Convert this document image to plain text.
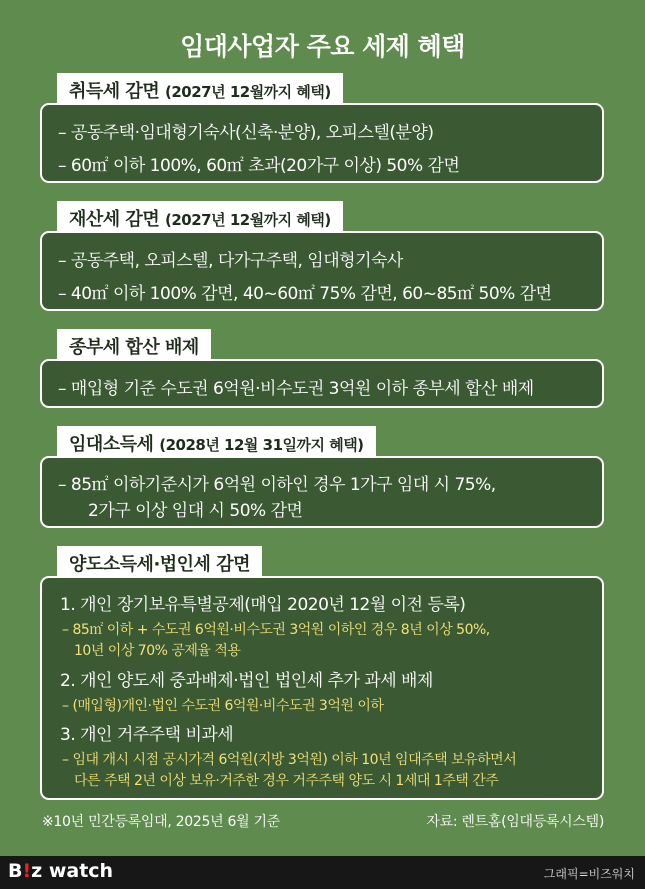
임대사업자 주요 세제 혜택
취득세 감면 (2027년 12월까지 혜택)
– 공동주택·임대형기숙사(신축·분양), 오피스텔(분양)
– 60㎡ 이하 100%, 60㎡ 초과(20가구 이상) 50% 감면
재산세 감면 (2027년 12월까지 혜택)
– 공동주택, 오피스텔, 다가구주택, 임대형기숙사
– 40㎡ 이하 100% 감면, 40~60㎡ 75% 감면, 60~85㎡ 50% 감면
종부세 합산 배제
– 매입형 기준 수도권 6억원·비수도권 3억원 이하 종부세 합산 배제
임대소득세 (2028년 12월 31일까지 혜택)
– 85㎡ 이하기준시가 6억원 이하인 경우 1가구 임대 시 75%,
2가구 이상 임대 시 50% 감면
양도소득세·법인세 감면
1. 개인 장기보유특별공제(매입 2020년 12월 이전 등록)
– 85㎡ 이하 + 수도권 6억원·비수도권 3억원 이하인 경우 8년 이상 50%,
10년 이상 70% 공제율 적용
2. 개인 양도세 중과배제·법인 법인세 추가 과세 배제
– (매입형)개인·법인 수도권 6억원·비수도권 3억원 이하
3. 개인 거주주택 비과세
– 임대 개시 시점 공시가격 6억원(지방 3억원) 이하 10년 임대주택 보유하면서
다른 주택 2년 이상 보유·거주한 경우 거주주택 양도 시 1세대 1주택 간주
※10년 민간등록임대, 2025년 6월 기준	자료: 렌트홈(임대등록시스템)
B!z watch	그래픽=비즈워치
